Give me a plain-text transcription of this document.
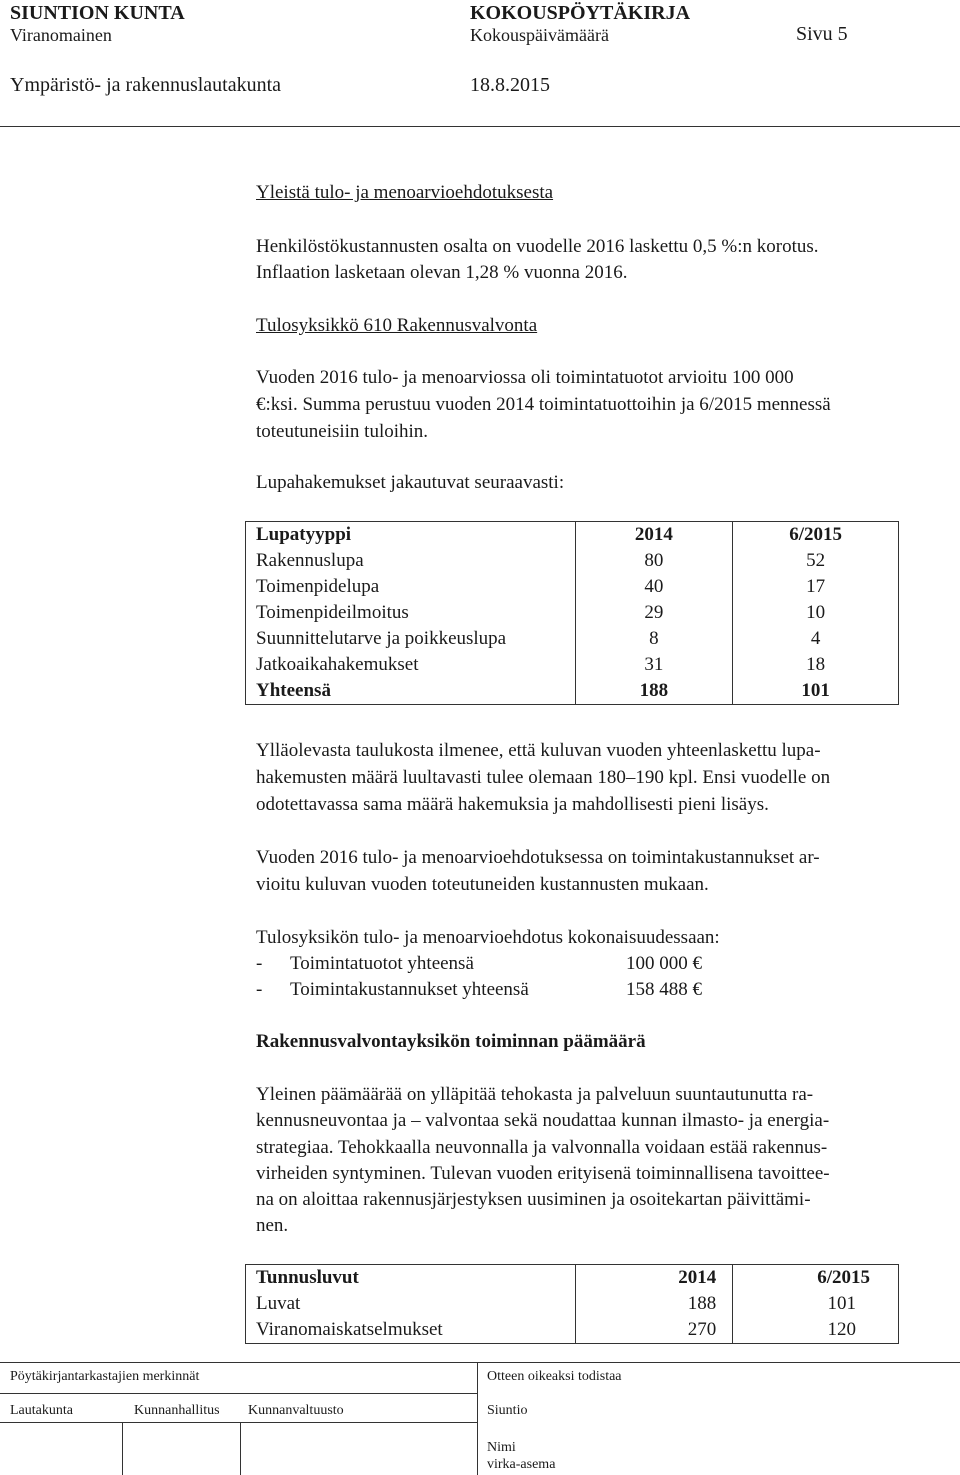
SIUNTION KUNTA	KOKOUSPÖYTÄKIRJA
Viranomainen	Kokouspäivämäärä	Sivu 5
Ympäristö- ja rakennuslautakunta	18.8.2015
Yleistä tulo- ja menoarvioehdotuksesta
Henkilöstökustannusten osalta on vuodelle 2016 laskettu 0,5 %:n korotus.
Inflaation lasketaan olevan 1,28 % vuonna 2016.
Tulosyksikkö 610 Rakennusvalvonta
Vuoden 2016 tulo- ja menoarviossa oli toimintatuotot arvioitu 100 000
€:ksi. Summa perustuu vuoden 2014 toimintatuottoihin ja 6/2015 mennessä
toteutuneisiin tuloihin.
Lupahakemukset jakautuvat seuraavasti:
Lupatyyppi	2014	6/2015
Rakennuslupa	80	52
Toimenpidelupa	40	17
Toimenpideilmoitus	29	10
Suunnittelutarve ja poikkeuslupa	8	4
Jatkoaikahakemukset	31	18
Yhteensä	188	101
Ylläolevasta taulukosta ilmenee, että kuluvan vuoden yhteenlaskettu lupa-
hakemusten määrä luultavasti tulee olemaan 180–190 kpl. Ensi vuodelle on
odotettavassa sama määrä hakemuksia ja mahdollisesti pieni lisäys.
Vuoden 2016 tulo- ja menoarvioehdotuksessa on toimintakustannukset ar-
vioitu kuluvan vuoden toteutuneiden kustannusten mukaan.
Tulosyksikön tulo- ja menoarvioehdotus kokonaisuudessaan:
- Toimintatuotot yhteensä	100 000 €
- Toimintakustannukset yhteensä	158 488 €
Rakennusvalvontayksikön toiminnan päämäärä
Yleinen päämäärää on ylläpitää tehokasta ja palveluun suuntautunutta ra-
kennusneuvontaa ja – valvontaa sekä noudattaa kunnan ilmasto- ja energia-
strategiaa. Tehokkaalla neuvonnalla ja valvonnalla voidaan estää rakennus-
virheiden syntyminen. Tulevan vuoden erityisenä toiminnallisena tavoittee-
na on aloittaa rakennusjärjestyksen uusiminen ja osoitekartan päivittämi-
nen.
Tunnusluvut	2014	6/2015
Luvat	188	101
Viranomaiskatselmukset	270	120
Pöytäkirjantarkastajien merkinnät	Otteen oikeaksi todistaa
Lautakunta	Kunnanhallitus Kunnanvaltuusto	Siuntio
Nimi
virka-asema
